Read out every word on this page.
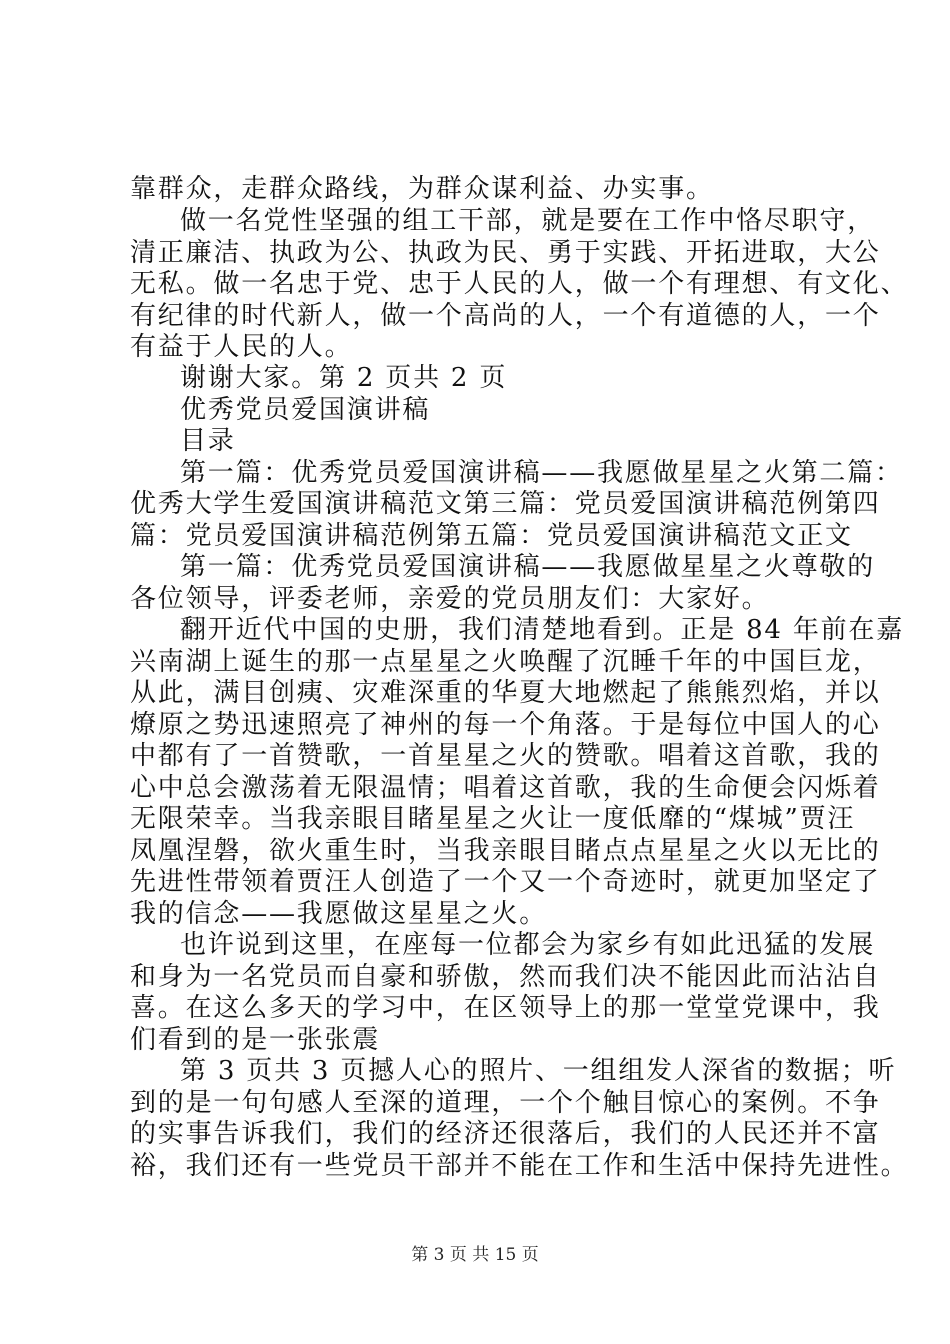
靠群众，走群众路线，为群众谋利益、办实事。
做一名党性坚强的组工干部，就是要在工作中恪尽职守，
清正廉洁、执政为公、执政为民、勇于实践、开拓进取，大公
无私。做一名忠于党、忠于人民的人，做一个有理想、有文化、
有纪律的时代新人，做一个高尚的人，一个有道德的人，一个
有益于人民的人。
谢谢大家。第 2 页共 2 页
优秀党员爱国演讲稿
目录
第一篇：优秀党员爱国演讲稿——我愿做星星之火第二篇：
优秀大学生爱国演讲稿范文第三篇：党员爱国演讲稿范例第四
篇：党员爱国演讲稿范例第五篇：党员爱国演讲稿范文正文
第一篇：优秀党员爱国演讲稿——我愿做星星之火尊敬的
各位领导，评委老师，亲爱的党员朋友们：大家好。
翻开近代中国的史册，我们清楚地看到。正是 84 年前在嘉
兴南湖上诞生的那一点星星之火唤醒了沉睡千年的中国巨龙，
从此，满目创痍、灾难深重的华夏大地燃起了熊熊烈焰，并以
燎原之势迅速照亮了神州的每一个角落。于是每位中国人的心
中都有了一首赞歌，一首星星之火的赞歌。唱着这首歌，我的
心中总会激荡着无限温情；唱着这首歌，我的生命便会闪烁着
无限荣幸。当我亲眼目睹星星之火让一度低靡的“煤城”贾汪
凤凰涅磐，欲火重生时，当我亲眼目睹点点星星之火以无比的
先进性带领着贾汪人创造了一个又一个奇迹时，就更加坚定了
我的信念——我愿做这星星之火。
也许说到这里，在座每一位都会为家乡有如此迅猛的发展
和身为一名党员而自豪和骄傲，然而我们决不能因此而沾沾自
喜。在这么多天的学习中，在区领导上的那一堂堂党课中，我
们看到的是一张张震
第 3 页共 3 页撼人心的照片、一组组发人深省的数据；听
到的是一句句感人至深的道理，一个个触目惊心的案例。不争
的实事告诉我们，我们的经济还很落后，我们的人民还并不富
裕，我们还有一些党员干部并不能在工作和生活中保持先进性。
第 3 页 共 15 页
